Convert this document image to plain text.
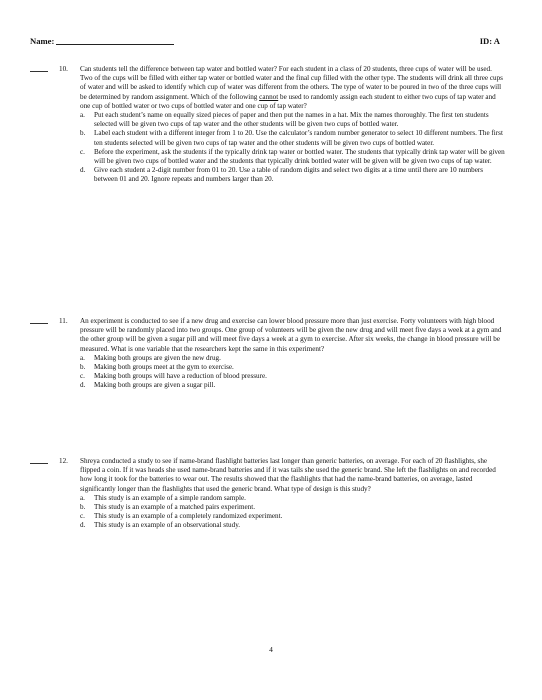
Name:	ID: A
10. Can students tell the difference between tap water and bottled water? For each student in a class of 20 students, three cups of water will be used. Two of the cups will be filled with either tap water or bottled water and the final cup filled with the other type. The students will drink all three cups of water and will be asked to identify which cup of water was different from the others. The type of water to be poured in two of the three cups will be determined by random assignment. Which of the following cannot be used to randomly assign each student to either two cups of tap water and one cup of bottled water or two cups of bottled water and one cup of tap water?

a.	Put each student’s name on equally sized pieces of paper and then put the names in a hat. Mix the names thoroughly. The first ten students selected will be given two cups of tap water and the other students will be given two cups of bottled water.
b.	Label each student with a different integer from 1 to 20. Use the calculator’s random number generator to select 10 different numbers. The first ten students selected will be given two cups of tap water and the other students will be given two cups of bottled water.
c.	Before the experiment, ask the students if the typically drink tap water or bottled water. The students that typically drink tap water will be given will be given two cups of bottled water and the students that typically drink bottled water will be given will be given two cups of tap water.
d.	Give each student a 2-digit number from 01 to 20. Use a table of random digits and select two digits at a time until there are 10 numbers between 01 and 20. Ignore repeats and numbers larger than 20.
11. An experiment is conducted to see if a new drug and exercise can lower blood pressure more than just exercise. Forty volunteers with high blood pressure will be randomly placed into two groups. One group of volunteers will be given the new drug and will meet five days a week at a gym and the other group will be given a sugar pill and will meet five days a week at a gym to exercise. After six weeks, the change in blood pressure will be measured. What is one variable that the researchers kept the same in this experiment?

a.	Making both groups are given the new drug.
b.	Making both groups meet at the gym to exercise.
c.	Making both groups will have a reduction of blood pressure.
d.	Making both groups are given a sugar pill.
12. Shreya conducted a study to see if name-brand flashlight batteries last longer than generic batteries, on average. For each of 20 flashlights, she flipped a coin. If it was heads she used name-brand batteries and if it was tails she used the generic brand. She left the flashlights on and recorded how long it took for the batteries to wear out. The results showed that the flashlights that had the name-brand batteries, on average, lasted significantly longer than the flashlights that used the generic brand. What type of design is this study?

a.	This study is an example of a simple random sample.
b.	This study is an example of a matched pairs experiment.
c.	This study is an example of a completely randomized experiment.
d.	This study is an example of an observational study.
4
